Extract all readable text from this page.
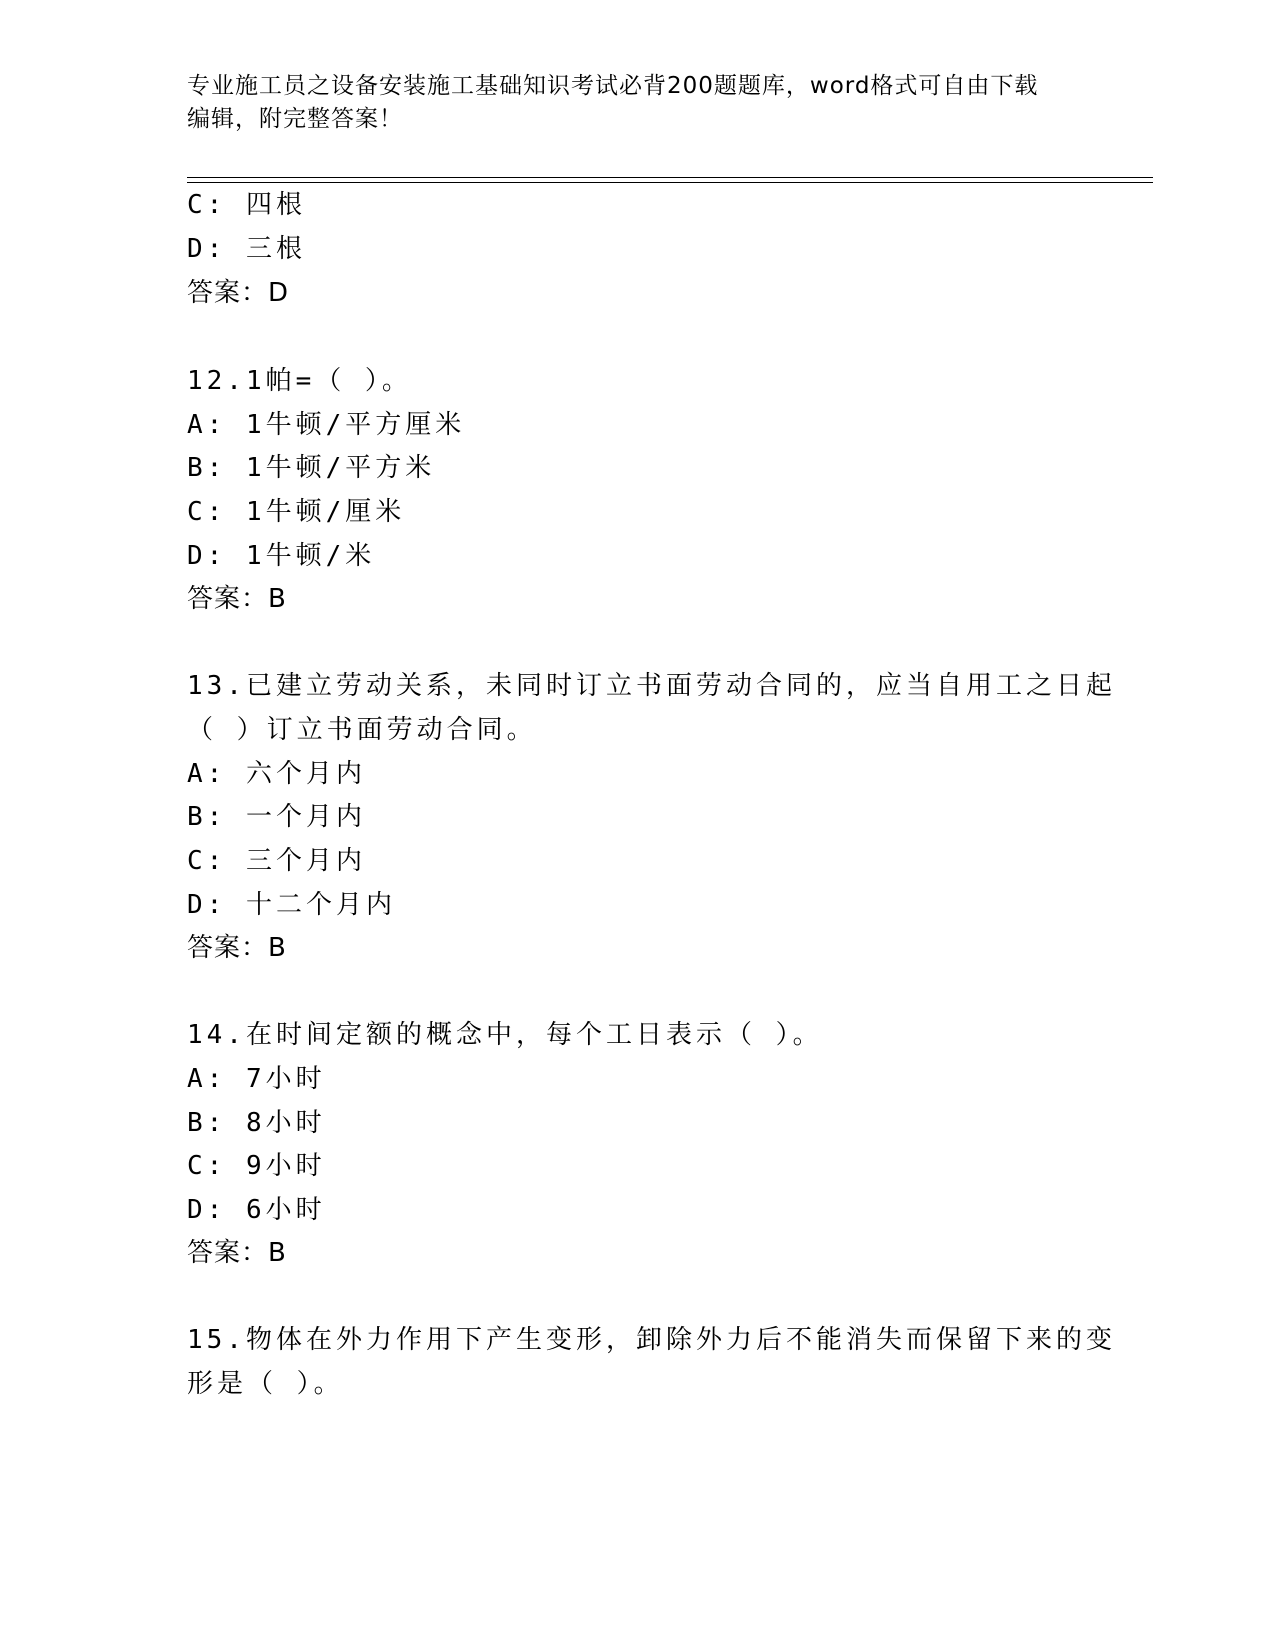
专业施工员之设备安装施工基础知识考试必背200题题库，word格式可自由下载
编辑，附完整答案！
C: 四根
D: 三根
答案：D
12.1帕=（ ）。
A: 1牛顿/平方厘米
B: 1牛顿/平方米
C: 1牛顿/厘米
D: 1牛顿/米
答案：B
13.已建立劳动关系，未同时订立书面劳动合同的，应当自用工之日起
（ ）订立书面劳动合同。
A: 六个月内
B: 一个月内
C: 三个月内
D: 十二个月内
答案：B
14.在时间定额的概念中，每个工日表示（ ）。
A: 7小时
B: 8小时
C: 9小时
D: 6小时
答案：B
15.物体在外力作用下产生变形，卸除外力后不能消失而保留下来的变
形是（ ）。
